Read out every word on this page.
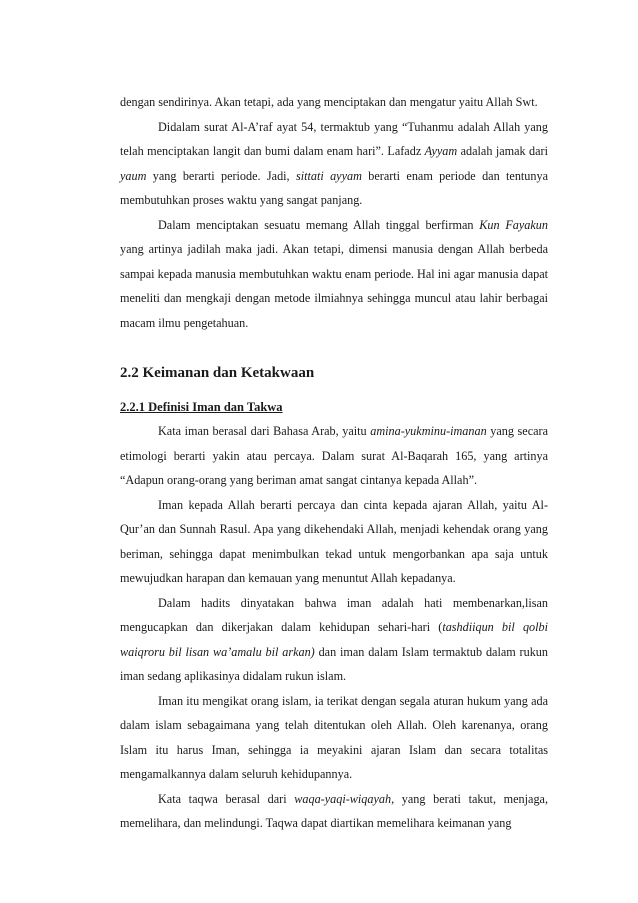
dengan sendirinya. Akan tetapi, ada yang menciptakan dan mengatur yaitu Allah Swt.

Didalam surat Al-A’raf ayat 54, termaktub yang “Tuhanmu adalah Allah yang telah menciptakan langit dan bumi dalam enam hari”. Lafadz Ayyam adalah jamak dari yaum yang berarti periode. Jadi, sittati ayyam berarti enam periode dan tentunya membutuhkan proses waktu yang sangat panjang.

Dalam menciptakan sesuatu memang Allah tinggal berfirman Kun Fayakun yang artinya jadilah maka jadi. Akan tetapi, dimensi manusia dengan Allah berbeda sampai kepada manusia membutuhkan waktu enam periode. Hal ini agar manusia dapat meneliti dan mengkaji dengan metode ilmiahnya sehingga muncul atau lahir berbagai macam ilmu pengetahuan.

2.2 Keimanan dan Ketakwaan
2.2.1 Definisi Iman dan Takwa

Kata iman berasal dari Bahasa Arab, yaitu amina-yukminu-imanan yang secara etimologi berarti yakin atau percaya. Dalam surat Al-Baqarah 165, yang artinya “Adapun orang-orang yang beriman amat sangat cintanya kepada Allah”.

Iman kepada Allah berarti percaya dan cinta kepada ajaran Allah, yaitu Al-Qur’an dan Sunnah Rasul. Apa yang dikehendaki Allah, menjadi kehendak orang yang beriman, sehingga dapat menimbulkan tekad untuk mengorbankan apa saja untuk mewujudkan harapan dan kemauan yang menuntut Allah kepadanya.

Dalam hadits dinyatakan bahwa iman adalah hati membenarkan,lisan mengucapkan dan dikerjakan dalam kehidupan sehari-hari (tashdiiqun bil qolbi waiqroru bil lisan wa’amalu bil arkan) dan iman dalam Islam termaktub dalam rukun iman sedang aplikasinya didalam rukun islam.

Iman itu mengikat orang islam, ia terikat dengan segala aturan hukum yang ada dalam islam sebagaimana yang telah ditentukan oleh Allah. Oleh karenanya, orang Islam itu harus Iman, sehingga ia meyakini ajaran Islam dan secara totalitas mengamalkannya dalam seluruh kehidupannya.

Kata taqwa berasal dari waqa-yaqi-wiqayah, yang berati takut, menjaga, memelihara, dan melindungi. Taqwa dapat diartikan memelihara keimanan yang
